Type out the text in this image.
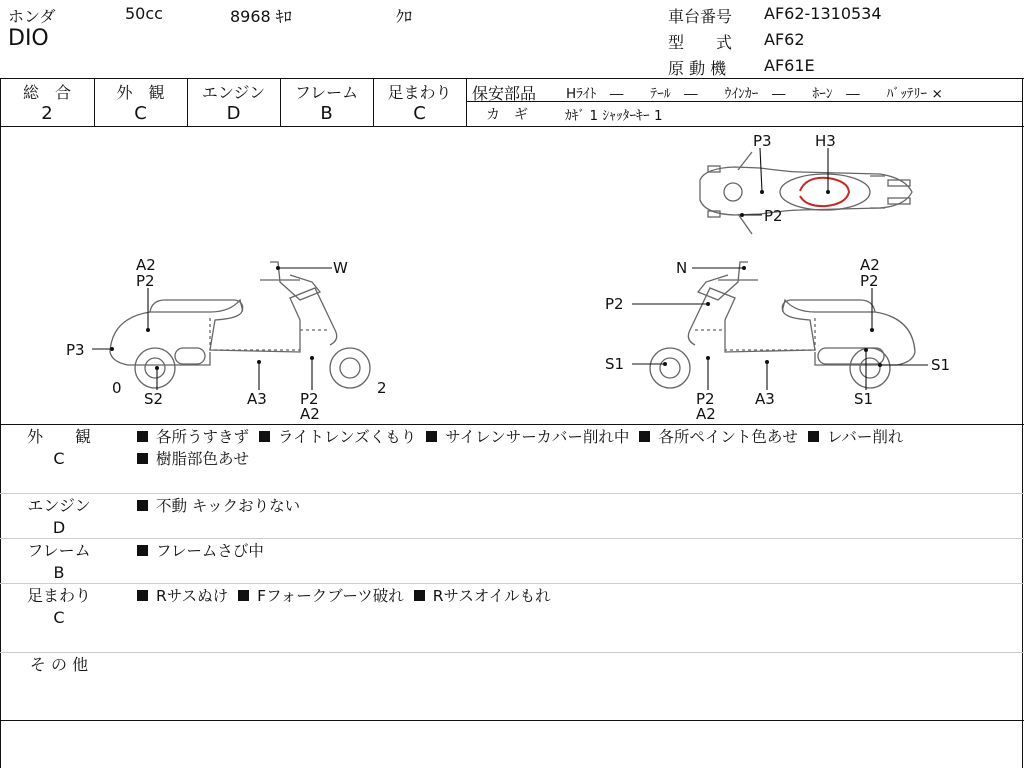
ホンダ	50cc	8968 ｷﾛ	ｸﾛ
DIO
車台番号 AF62-1310534
型　　式 AF62
原 動 機 AF61E
総　合
2
外　観
C
エンジン
D
フレーム
B
足まわり
C
保安部品 Hﾗｲﾄ　―　　ﾃｰﾙ　―　　ｳｲﾝｶｰ　―　　ﾎｰﾝ　―　　ﾊﾞｯﾃﾘｰ ×
カ　ギ	ｶｷﾞ 1 ｼｬｯﾀｰｷｰ 1
P3	H3
P2
A2
P2
W
P3
0
S2	A3 P2
A2
2
N	A2
P2
P2
S1	S1
P2
A2
A3	S1
外　　観
C
各所うすきず ライトレンズくもり サイレンサーカバー削れ中 各所ペイント色あせ レバー削れ
樹脂部色あせ
エンジン
D
不動 キックおりない
フレーム
B
フレームさび中
足まわり
C
Rサスぬけ Fフォークブーツ破れ Rサスオイルもれ
そ の 他
